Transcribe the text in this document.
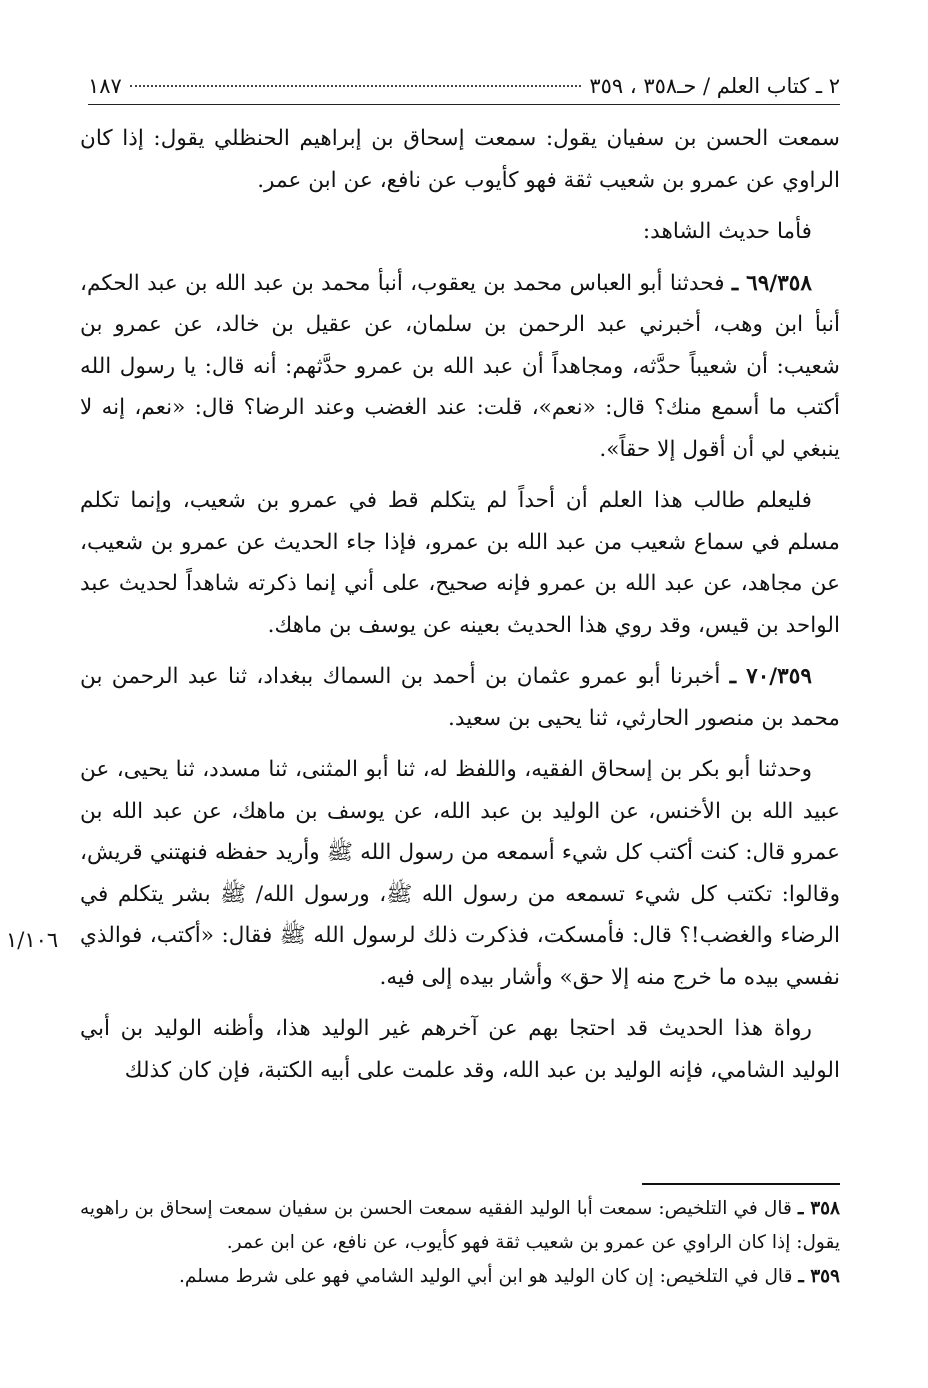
٢ ـ كتاب العلم / حـ٣٥٨ ، ٣٥٩
١٨٧

سمعت الحسن بن سفيان يقول: سمعت إسحاق بن إبراهيم الحنظلي يقول: إذا كان الراوي عن عمرو بن شعيب ثقة فهو كأيوب عن نافع، عن ابن عمر.

فأما حديث الشاهد:

٦٩/٣٥٨ ـ فحدثنا أبو العباس محمد بن يعقوب، أنبأ محمد بن عبد الله بن عبد الحكم، أنبأ ابن وهب، أخبرني عبد الرحمن بن سلمان، عن عقيل بن خالد، عن عمرو بن شعيب: أن شعيباً حدَّثه، ومجاهداً أن عبد الله بن عمرو حدَّثهم: أنه قال: يا رسول الله أكتب ما أسمع منك؟ قال: «نعم»، قلت: عند الغضب وعند الرضا؟ قال: «نعم، إنه لا ينبغي لي أن أقول إلا حقاً».

فليعلم طالب هذا العلم أن أحداً لم يتكلم قط في عمرو بن شعيب، وإنما تكلم مسلم في سماع شعيب من عبد الله بن عمرو، فإذا جاء الحديث عن عمرو بن شعيب، عن مجاهد، عن عبد الله بن عمرو فإنه صحيح، على أني إنما ذكرته شاهداً لحديث عبد الواحد بن قيس، وقد روي هذا الحديث بعينه عن يوسف بن ماهك.

٧٠/٣٥٩ ـ أخبرنا أبو عمرو عثمان بن أحمد بن السماك ببغداد، ثنا عبد الرحمن بن محمد بن منصور الحارثي، ثنا يحيى بن سعيد.

وحدثنا أبو بكر بن إسحاق الفقيه، واللفظ له، ثنا أبو المثنى، ثنا مسدد، ثنا يحيى، عن عبيد الله بن الأخنس، عن الوليد بن عبد الله، عن يوسف بن ماهك، عن عبد الله بن عمرو قال: كنت أكتب كل شيء أسمعه من رسول الله ﷺ وأريد حفظه فنهتني قريش، وقالوا: تكتب كل شيء تسمعه من رسول الله ﷺ، ورسول الله/ ﷺ بشر يتكلم في الرضاء والغضب!؟ قال: فأمسكت، فذكرت ذلك لرسول الله ﷺ فقال: «أكتب، فوالذي نفسي بيده ما خرج منه إلا حق» وأشار بيده إلى فيه.

رواة هذا الحديث قد احتجا بهم عن آخرهم غير الوليد هذا، وأظنه الوليد بن أبي الوليد الشامي، فإنه الوليد بن عبد الله، وقد علمت على أبيه الكتبة، فإن كان كذلك

١/١٠٦

٣٥٨ ـ قال في التلخيص: سمعت أبا الوليد الفقيه سمعت الحسن بن سفيان سمعت إسحاق بن راهويه يقول: إذا كان الراوي عن عمرو بن شعيب ثقة فهو كأيوب، عن نافع، عن ابن عمر.

٣٥٩ ـ قال في التلخيص: إن كان الوليد هو ابن أبي الوليد الشامي فهو على شرط مسلم.
